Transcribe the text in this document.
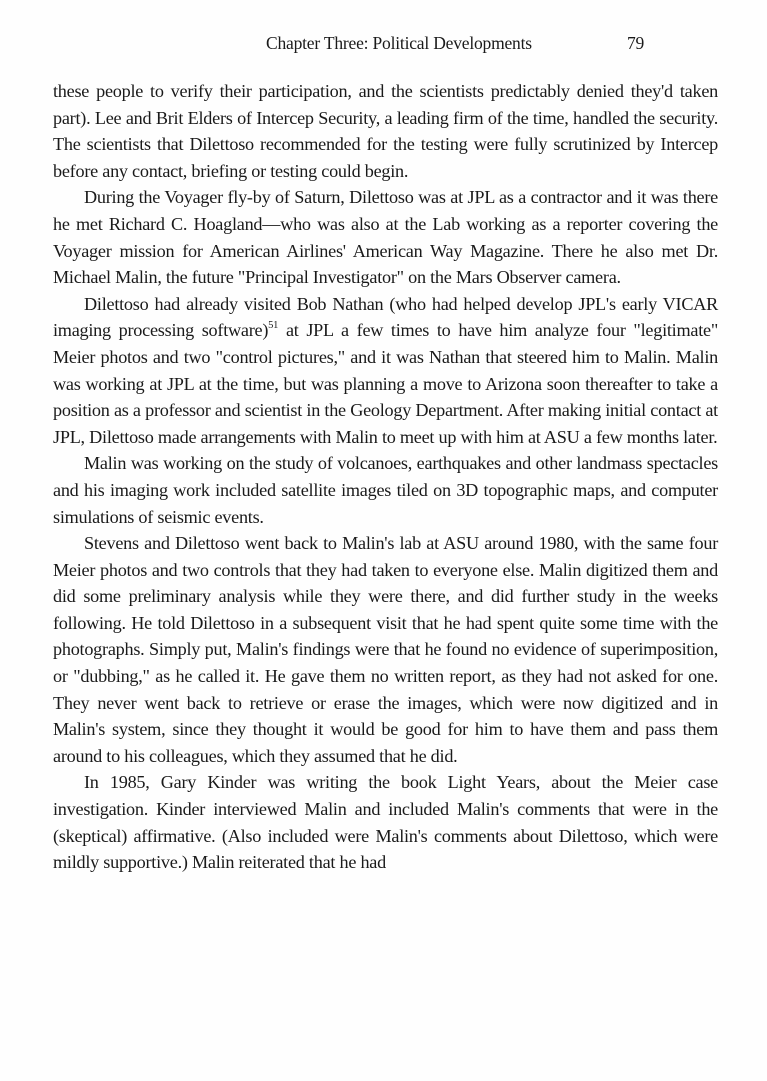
Chapter Three: Political Developments	79

these people to verify their participation, and the scientists predictably denied they'd taken part). Lee and Brit Elders of Intercep Security, a leading firm of the time, handled the security. The scientists that Dilettoso recommended for the testing were fully scrutinized by Intercep before any contact, briefing or testing could begin.

During the Voyager fly-by of Saturn, Dilettoso was at JPL as a contractor and it was there he met Richard C. Hoagland—who was also at the Lab working as a reporter covering the Voyager mission for American Airlines' American Way Magazine. There he also met Dr. Michael Malin, the future "Principal Investigator" on the Mars Observer camera.

Dilettoso had already visited Bob Nathan (who had helped develop JPL's early VICAR imaging processing software)$^{51}$ at JPL a few times to have him analyze four "legitimate" Meier photos and two "control pictures," and it was Nathan that steered him to Malin. Malin was working at JPL at the time, but was planning a move to Arizona soon thereafter to take a position as a professor and scientist in the Geology Department. After making initial contact at JPL, Dilettoso made arrangements with Malin to meet up with him at ASU a few months later.

Malin was working on the study of volcanoes, earthquakes and other landmass spectacles and his imaging work included satellite images tiled on 3D topographic maps, and computer simulations of seismic events.

Stevens and Dilettoso went back to Malin's lab at ASU around 1980, with the same four Meier photos and two controls that they had taken to everyone else. Malin digitized them and did some preliminary analysis while they were there, and did further study in the weeks following. He told Dilettoso in a subsequent visit that he had spent quite some time with the photographs. Simply put, Malin's findings were that he found no evidence of superimposition, or "dubbing," as he called it. He gave them no written report, as they had not asked for one. They never went back to retrieve or erase the images, which were now digitized and in Malin's system, since they thought it would be good for him to have them and pass them around to his colleagues, which they assumed that he did.

In 1985, Gary Kinder was writing the book Light Years, about the Meier case investigation. Kinder interviewed Malin and included Malin's comments that were in the (skeptical) affirmative. (Also included were Malin's comments about Dilettoso, which were mildly supportive.) Malin reiterated that he had
